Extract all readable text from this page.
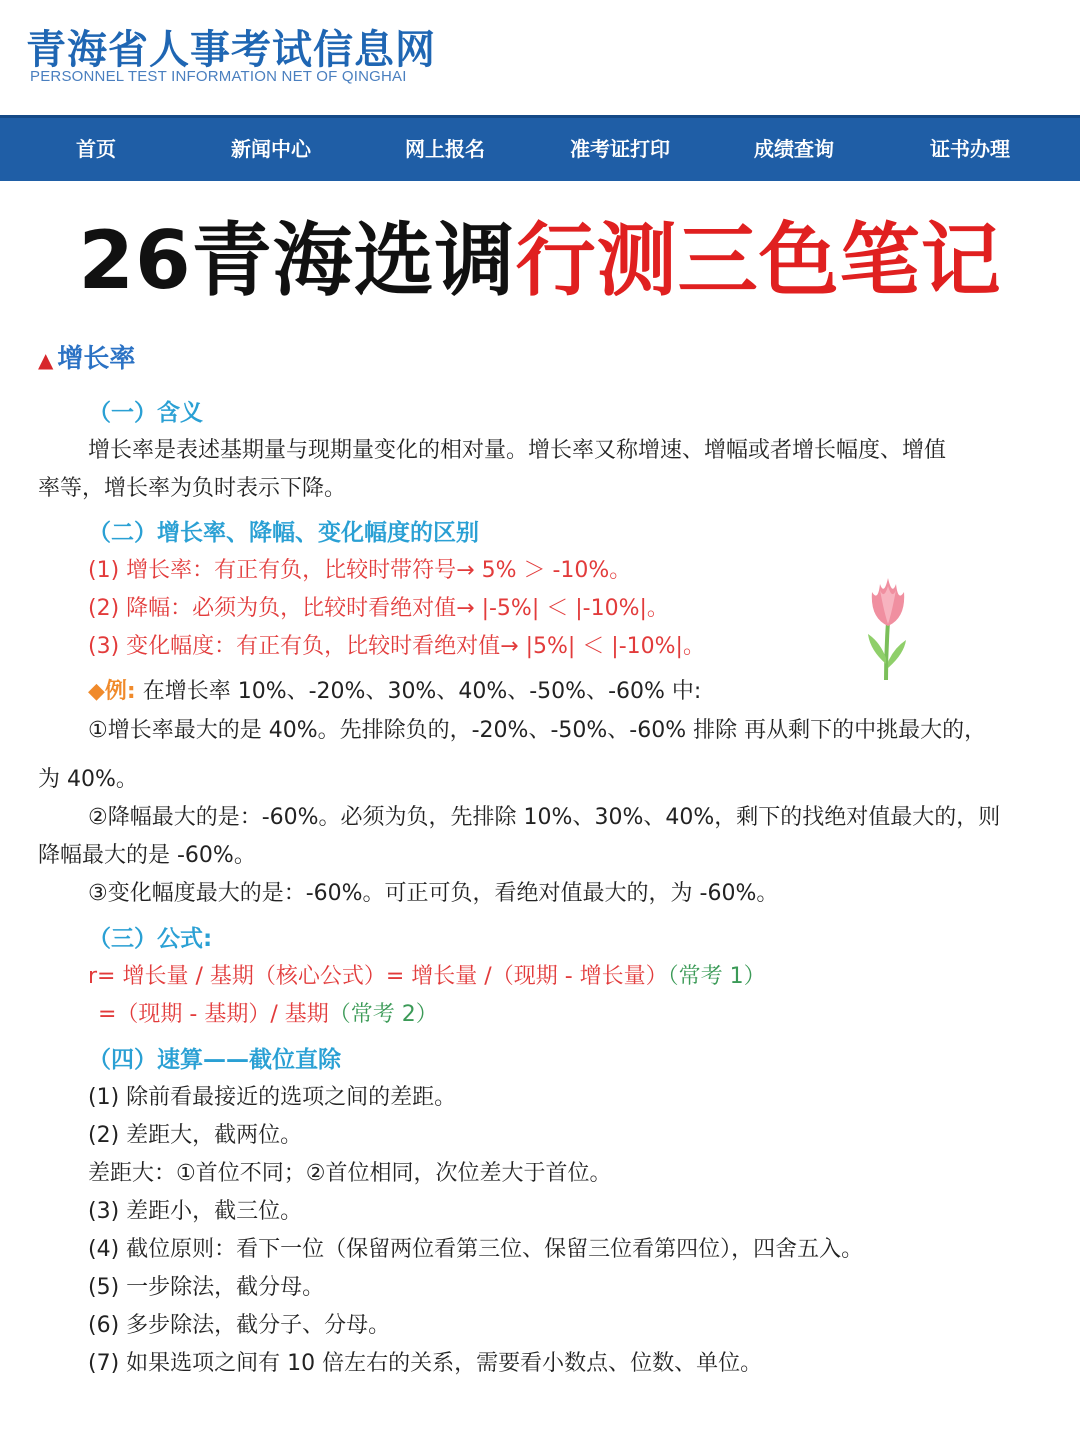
青海省人事考试信息网
PERSONNEL TEST INFORMATION NET OF QINGHAI
首页	新闻中心	网上报名	准考证打印	成绩查询	证书办理
26青海选调行测三色笔记
▲ 增长率
（一）含义
增长率是表述基期量与现期量变化的相对量。增长率又称增速、增幅或者增长幅度、增值
率等，增长率为负时表示下降。
（二）增长率、降幅、变化幅度的区别
(1) 增长率：有正有负，比较时带符号→ 5% ＞ -10%。
(2) 降幅：必须为负，比较时看绝对值→ |-5%| ＜ |-10%|。
(3) 变化幅度：有正有负，比较时看绝对值→ |5%| ＜ |-10%|。
◆例: 在增长率 10%、-20%、30%、40%、-50%、-60% 中:
①增长率最大的是 40%。先排除负的，-20%、-50%、-60% 排除 再从剩下的中挑最大的，
为 40%。
②降幅最大的是：-60%。必须为负，先排除 10%、30%、40%，剩下的找绝对值最大的，则
降幅最大的是 -60%。
③变化幅度最大的是：-60%。可正可负，看绝对值最大的，为 -60%。
（三）公式:
r= 增长量 / 基期（核心公式）= 增长量 /（现期 - 增长量）（常考 1）
=（现期 - 基期）/ 基期（常考 2）
（四）速算——截位直除
(1) 除前看最接近的选项之间的差距。
(2) 差距大，截两位。
差距大：①首位不同；②首位相同，次位差大于首位。
(3) 差距小，截三位。
(4) 截位原则：看下一位（保留两位看第三位、保留三位看第四位），四舍五入。
(5) 一步除法，截分母。
(6) 多步除法，截分子、分母。
(7) 如果选项之间有 10 倍左右的关系，需要看小数点、位数、单位。
